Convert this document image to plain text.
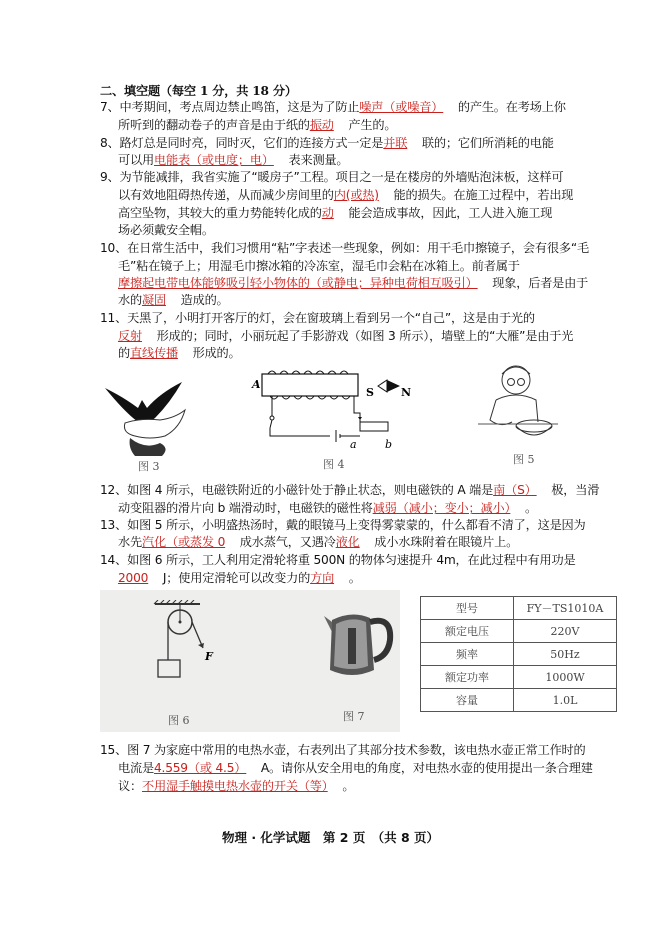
二、填空题（每空 1 分，共 18 分）
7、中考期间，考点周边禁止鸣笛，这是为了防止噪声（或噪音） 的产生。在考场上你
所听到的翻动卷子的声音是由于纸的振动 产生的。
8、路灯总是同时亮，同时灭，它们的连接方式一定是并联 联的；它们所消耗的电能
可以用电能表（或电度；电） 表来测量。
9、为节能减排，我省实施了“暖房子”工程。项目之一是在楼房的外墙贴泡沫板，这样可
以有效地阻碍热传递，从而减少房间里的内(或热) 能的损失。在施工过程中，若出现
高空坠物，其较大的重力势能转化成的动 能会造成事故，因此，工人进入施工现
场必须戴安全帽。
10、在日常生活中，我们习惯用“粘”字表述一些现象，例如：用干毛巾擦镜子，会有很多“毛
毛”粘在镜子上；用湿毛巾擦冰箱的冷冻室，湿毛巾会粘在冰箱上。前者属于
摩擦起电带电体能够吸引轻小物体的（或静电；异种电荷相互吸引） 现象，后者是由于
水的凝固 造成的。
11、天黑了，小明打开客厅的灯，会在窗玻璃上看到另一个“自己”，这是由于光的
反射 形成的；同时，小丽玩起了手影游戏（如图 3 所示），墙壁上的“大雁”是由于光
的直线传播 形成的。
12、如图 4 所示，电磁铁附近的小磁针处于静止状态，则电磁铁的 A 端是南（S） 极，当滑
动变阻器的滑片向 b 端滑动时，电磁铁的磁性将减弱（减小；变小；减小） 。
13、如图 5 所示，小明盛热汤时，戴的眼镜马上变得雾蒙蒙的，什么都看不清了，这是因为
水先汽化（或蒸发 0 成水蒸气，又遇冷液化 成小水珠附着在眼镜片上。
14、如图 6 所示，工人利用定滑轮将重 500N 的物体匀速提升 4m，在此过程中有用功是
2000 J；使用定滑轮可以改变力的方向 。
15、图 7 为家庭中常用的电热水壶，右表列出了其部分技术参数，该电热水壶正常工作时的
电流是4.559（或 4.5） A。请你从安全用电的角度，对电热水壶的使用提出一条合理建
议：不用湿手触摸电热水壶的开关（等） 。
图 3
A
S N
a	b
图 4	图 5
F
图 6	图 7
型号	FY－TS1010A
额定电压	220V
频率	50Hz
额定功率	1000W
容量	1.0L
物理 · 化学试题　第 2 页　（共 8 页）
